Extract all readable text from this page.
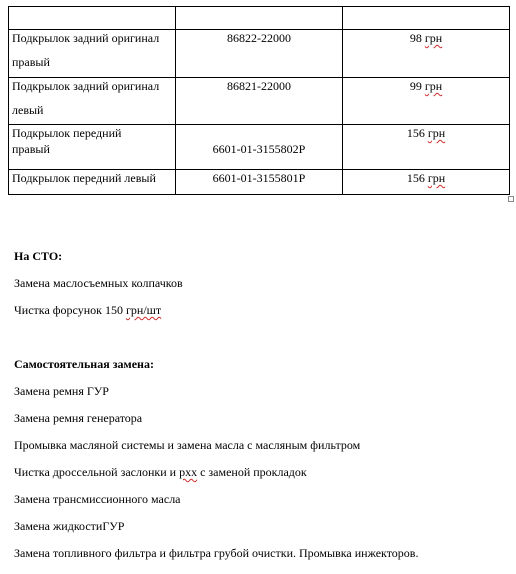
Подкрылок задний оригинал
правый	86822-22000	98 грн
Подкрылок задний оригинал
левый	86821-22000	99 грн
Подкрылок передний
правый	6601-01-3155802P	156 грн
Подкрылок передний левый	6601-01-3155801P	156 грн

На СТО:

Замена маслосъемных колпачков

Чистка форсунок 150 грн/шт

Самостоятельная замена:

Замена ремня ГУР

Замена ремня генератора

Промывка масляной системы и замена масла с масляным фильтром

Чистка дроссельной заслонки и рхх с заменой прокладок

Замена трансмиссионного масла

Замена жидкостиГУР

Замена топливного фильтра и фильтра грубой очистки. Промывка инжекторов.
